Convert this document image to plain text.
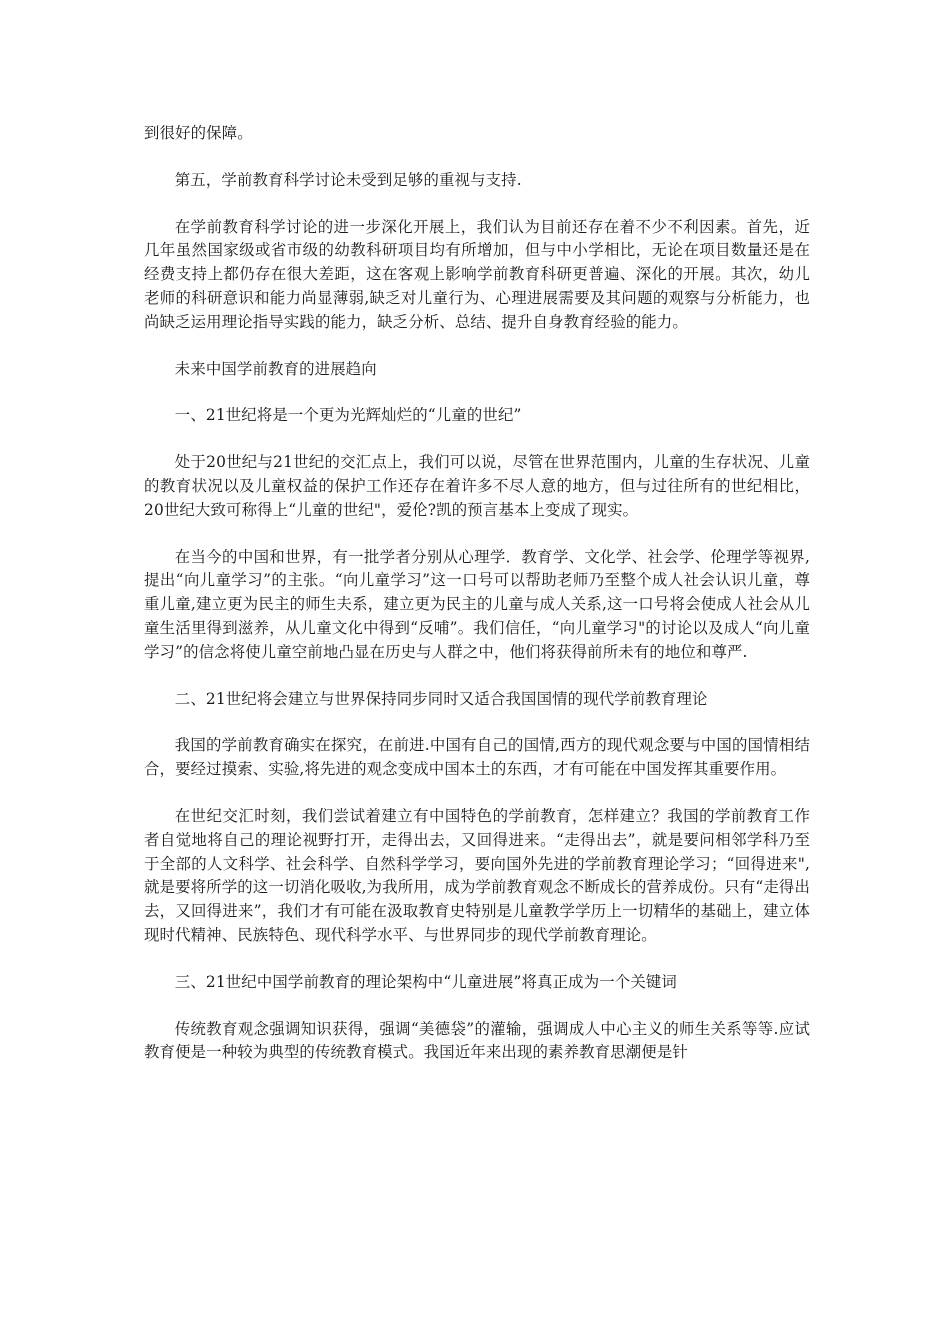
到很好的保障。

第五，学前教育科学讨论未受到足够的重视与支持.

在学前教育科学讨论的进一步深化开展上，我们认为目前还存在着不少不利因素。首先，近几年虽然国家级或省市级的幼教科研项目均有所增加，但与中小学相比，无论在项目数量还是在经费支持上都仍存在很大差距，这在客观上影响学前教育科研更普遍、深化的开展。其次，幼儿老师的科研意识和能力尚显薄弱,缺乏对儿童行为、心理进展需要及其问题的观察与分析能力，也尚缺乏运用理论指导实践的能力，缺乏分析、总结、提升自身教育经验的能力。

未来中国学前教育的进展趋向

一、21世纪将是一个更为光辉灿烂的“儿童的世纪”

处于20世纪与21世纪的交汇点上，我们可以说，尽管在世界范围内，儿童的生存状况、儿童的教育状况以及儿童权益的保护工作还存在着许多不尽人意的地方，但与过往所有的世纪相比，20世纪大致可称得上“儿童的世纪"，爱伦?凯的预言基本上变成了现实。

在当今的中国和世界，有一批学者分别从心理学．教育学、文化学、社会学、伦理学等视界,提出“向儿童学习”的主张。“向儿童学习”这一口号可以帮助老师乃至整个成人社会认识儿童，尊重儿童,建立更为民主的师生夫系，建立更为民主的儿童与成人关系,这一口号将会使成人社会从儿童生活里得到滋养，从儿童文化中得到“反哺”。我们信任，“向儿童学习"的讨论以及成人“向儿童学习”的信念将使儿童空前地凸显在历史与人群之中，他们将获得前所未有的地位和尊严.

二、21世纪将会建立与世界保持同步同时又适合我国国情的现代学前教育理论

我国的学前教育确实在探究，在前进.中国有自己的国情,西方的现代观念要与中国的国情相结合，要经过摸索、实验,将先进的观念变成中国本土的东西，才有可能在中国发挥其重要作用。

在世纪交汇时刻，我们尝试着建立有中国特色的学前教育，怎样建立？我国的学前教育工作者自觉地将自己的理论视野打开，走得出去，又回得进来。“走得出去”，就是要问相邻学科乃至于全部的人文科学、社会科学、自然科学学习，要向国外先进的学前教育理论学习；“回得进来",就是要将所学的这一切消化吸收,为我所用，成为学前教育观念不断成长的营养成份。只有“走得出去，又回得进来”，我们才有可能在汲取教育史特别是儿童教学学历上一切精华的基础上，建立体现时代精神、民族特色、现代科学水平、与世界同步的现代学前教育理论。

三、21世纪中国学前教育的理论架构中“儿童进展”将真正成为一个关键词

传统教育观念强调知识获得，强调“美德袋”的灌输，强调成人中心主义的师生关系等等.应试教育便是一种较为典型的传统教育模式。我国近年来出现的素养教育思潮便是针
